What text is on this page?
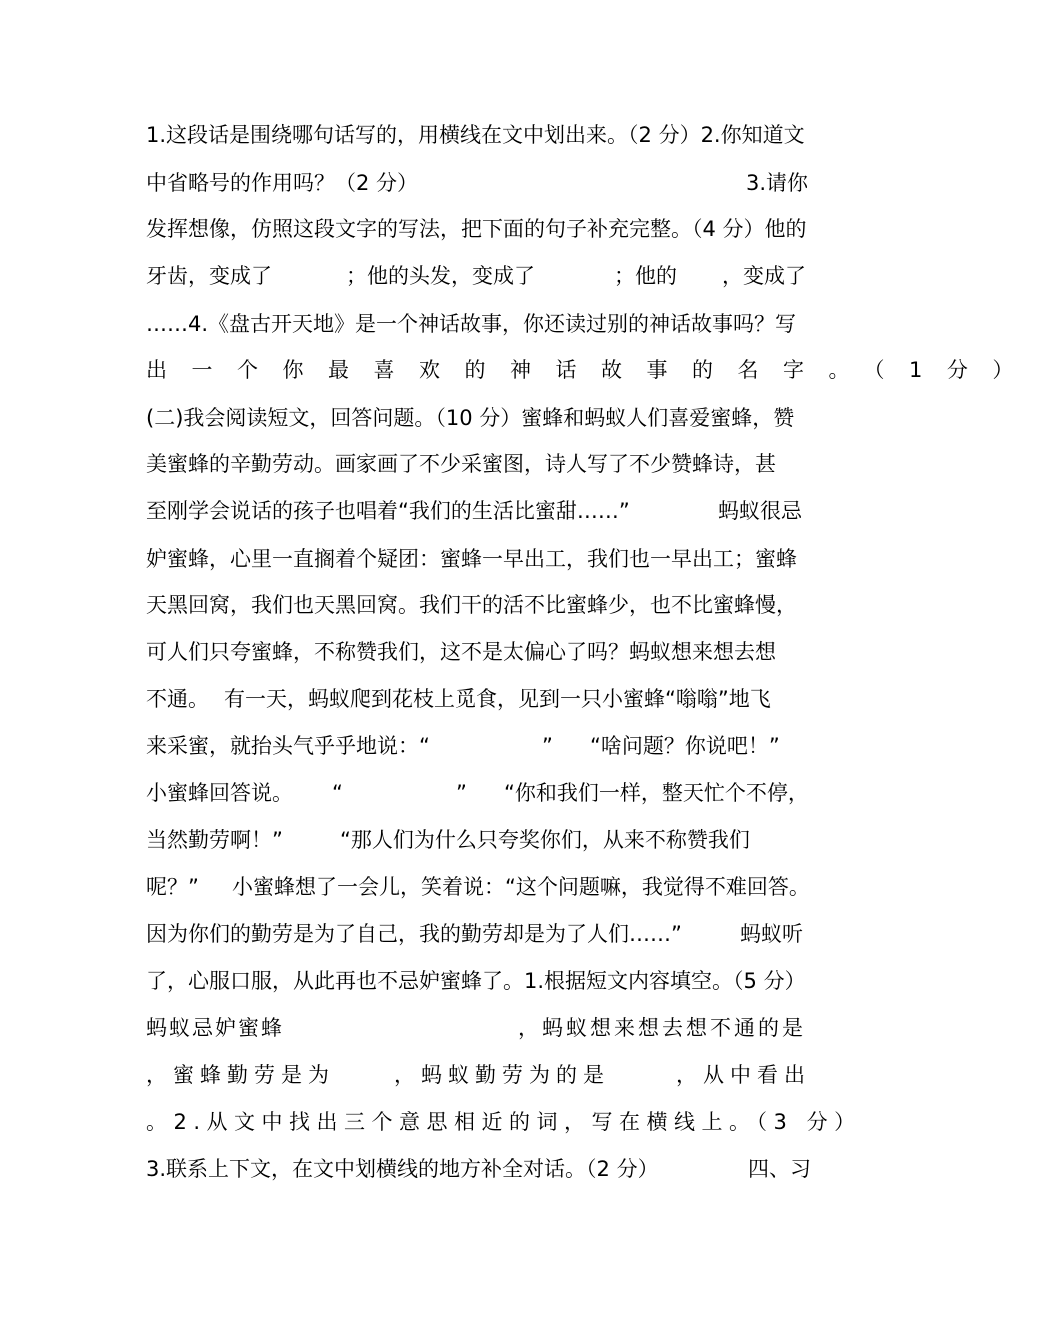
1.这段话是围绕哪句话写的，用横线在文中划出来。（2 分）2.你知道文
中省略号的作用吗？（2 分）	3.请你
发挥想像，仿照这段文字的写法，把下面的句子补充完整。（4 分）他的
牙齿，变成了	；他的头发，变成了	；他的 ，变成了
……4.《盘古开天地》是一个神话故事，你还读过别的神话故事吗？写
出一个你最喜欢的神话故事的名字。（1分）
(二)我会阅读短文，回答问题。（10 分）蜜蜂和蚂蚁人们喜爱蜜蜂，赞
美蜜蜂的辛勤劳动。画家画了不少采蜜图，诗人写了不少赞蜂诗，甚
至刚学会说话的孩子也唱着“我们的生活比蜜甜……”	蚂蚁很忌
妒蜜蜂，心里一直搁着个疑团：蜜蜂一早出工，我们也一早出工；蜜蜂
天黑回窝，我们也天黑回窝。我们干的活不比蜜蜂少，也不比蜜蜂慢，
可人们只夸蜜蜂，不称赞我们，这不是太偏心了吗？蚂蚁想来想去想
不通。 有一天，蚂蚁爬到花枝上觅食，见到一只小蜜蜂“嗡嗡”地飞
来采蜜，就抬头气乎乎地说：“	” “啥问题？你说吧！”
小蜜蜂回答说。 “	” “你和我们一样，整天忙个不停，
当然勤劳啊！”	“那人们为什么只夸奖你们，从来不称赞我们
呢？” 小蜜蜂想了一会儿，笑着说：“这个问题嘛，我觉得不难回答。
因为你们的勤劳是为了自己，我的勤劳却是为了人们……”	蚂蚁听
了，心服口服，从此再也不忌妒蜜蜂了。1.根据短文内容填空。（5 分）
蚂蚁忌妒蜜蜂	，蚂蚁想来想去想不通的是
，蜜蜂勤劳是为	，蚂蚁勤劳为的是	，从中看出
。2.从文中找出三个意思相近的词，写在横线上。（3 分）
3.联系上下文，在文中划横线的地方补全对话。（2 分）	四、习
